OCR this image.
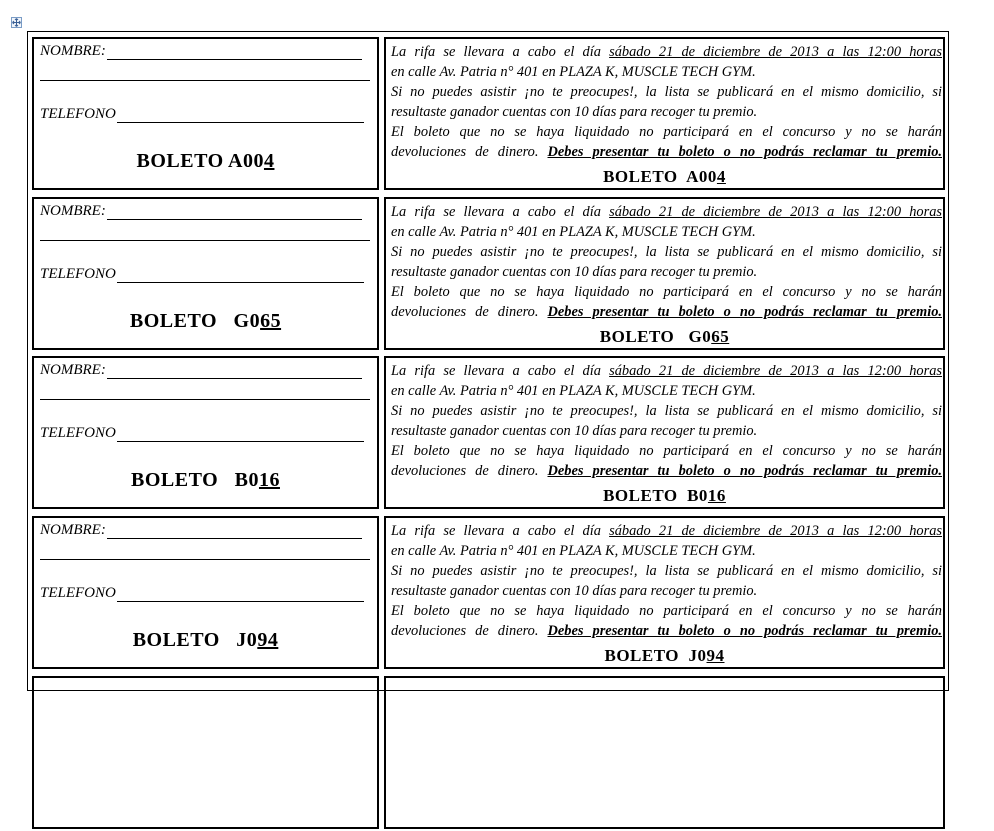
NOMBRE:
TELEFONO
BOLETO A004
La rifa se llevara a cabo el día sábado 21 de diciembre de 2013 a las 12:00 horas
en calle Av. Patria n° 401 en PLAZA K, MUSCLE TECH GYM.
Si no puedes asistir ¡no te preocupes!, la lista se publicará en el mismo domicilio, si
resultaste ganador cuentas con 10 días para recoger tu premio.
El boleto que no se haya liquidado no participará en el concurso y no se harán
devoluciones de dinero. Debes presentar tu boleto o no podrás reclamar tu premio.
BOLETO  A004
NOMBRE:
TELEFONO
BOLETO   G065
La rifa se llevara a cabo el día sábado 21 de diciembre de 2013 a las 12:00 horas
en calle Av. Patria n° 401 en PLAZA K, MUSCLE TECH GYM.
Si no puedes asistir ¡no te preocupes!, la lista se publicará en el mismo domicilio, si
resultaste ganador cuentas con 10 días para recoger tu premio.
El boleto que no se haya liquidado no participará en el concurso y no se harán
devoluciones de dinero. Debes presentar tu boleto o no podrás reclamar tu premio.
BOLETO   G065
NOMBRE:
TELEFONO
BOLETO   B016
La rifa se llevara a cabo el día sábado 21 de diciembre de 2013 a las 12:00 horas
en calle Av. Patria n° 401 en PLAZA K, MUSCLE TECH GYM.
Si no puedes asistir ¡no te preocupes!, la lista se publicará en el mismo domicilio, si
resultaste ganador cuentas con 10 días para recoger tu premio.
El boleto que no se haya liquidado no participará en el concurso y no se harán
devoluciones de dinero. Debes presentar tu boleto o no podrás reclamar tu premio.
BOLETO  B016
NOMBRE:
TELEFONO
BOLETO   J094
La rifa se llevara a cabo el día sábado 21 de diciembre de 2013 a las 12:00 horas
en calle Av. Patria n° 401 en PLAZA K, MUSCLE TECH GYM.
Si no puedes asistir ¡no te preocupes!, la lista se publicará en el mismo domicilio, si
resultaste ganador cuentas con 10 días para recoger tu premio.
El boleto que no se haya liquidado no participará en el concurso y no se harán
devoluciones de dinero. Debes presentar tu boleto o no podrás reclamar tu premio.
BOLETO  J094
